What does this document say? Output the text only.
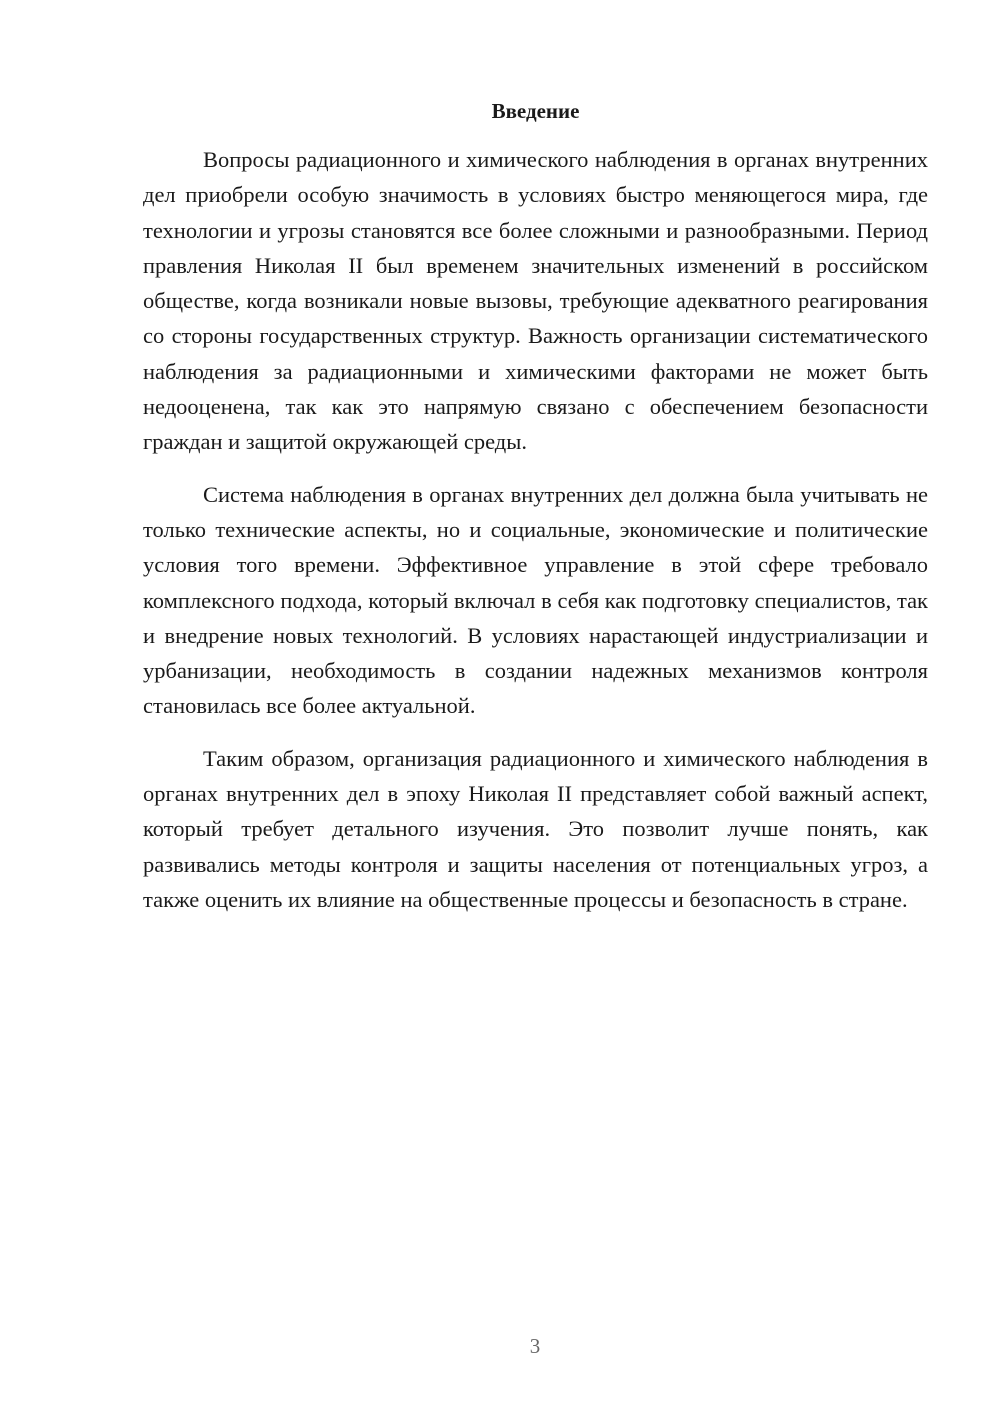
Введение

Вопросы радиационного и химического наблюдения в органах внутренних дел приобрели особую значимость в условиях быстро меняющегося мира, где технологии и угрозы становятся все более сложными и разнообразными. Период правления Николая II был временем значительных изменений в российском обществе, когда возникали новые вызовы, требующие адекватного реагирования со стороны государственных структур. Важность организации систематического наблюдения за радиационными и химическими факторами не может быть недооценена, так как это напрямую связано с обеспечением безопасности граждан и защитой окружающей среды.

Система наблюдения в органах внутренних дел должна была учитывать не только технические аспекты, но и социальные, экономические и политические условия того времени. Эффективное управление в этой сфере требовало комплексного подхода, который включал в себя как подготовку специалистов, так и внедрение новых технологий. В условиях нарастающей индустриализации и урбанизации, необходимость в создании надежных механизмов контроля становилась все более актуальной.

Таким образом, организация радиационного и химического наблюдения в органах внутренних дел в эпоху Николая II представляет собой важный аспект, который требует детального изучения. Это позволит лучше понять, как развивались методы контроля и защиты населения от потенциальных угроз, а также оценить их влияние на общественные процессы и безопасность в стране.

3
